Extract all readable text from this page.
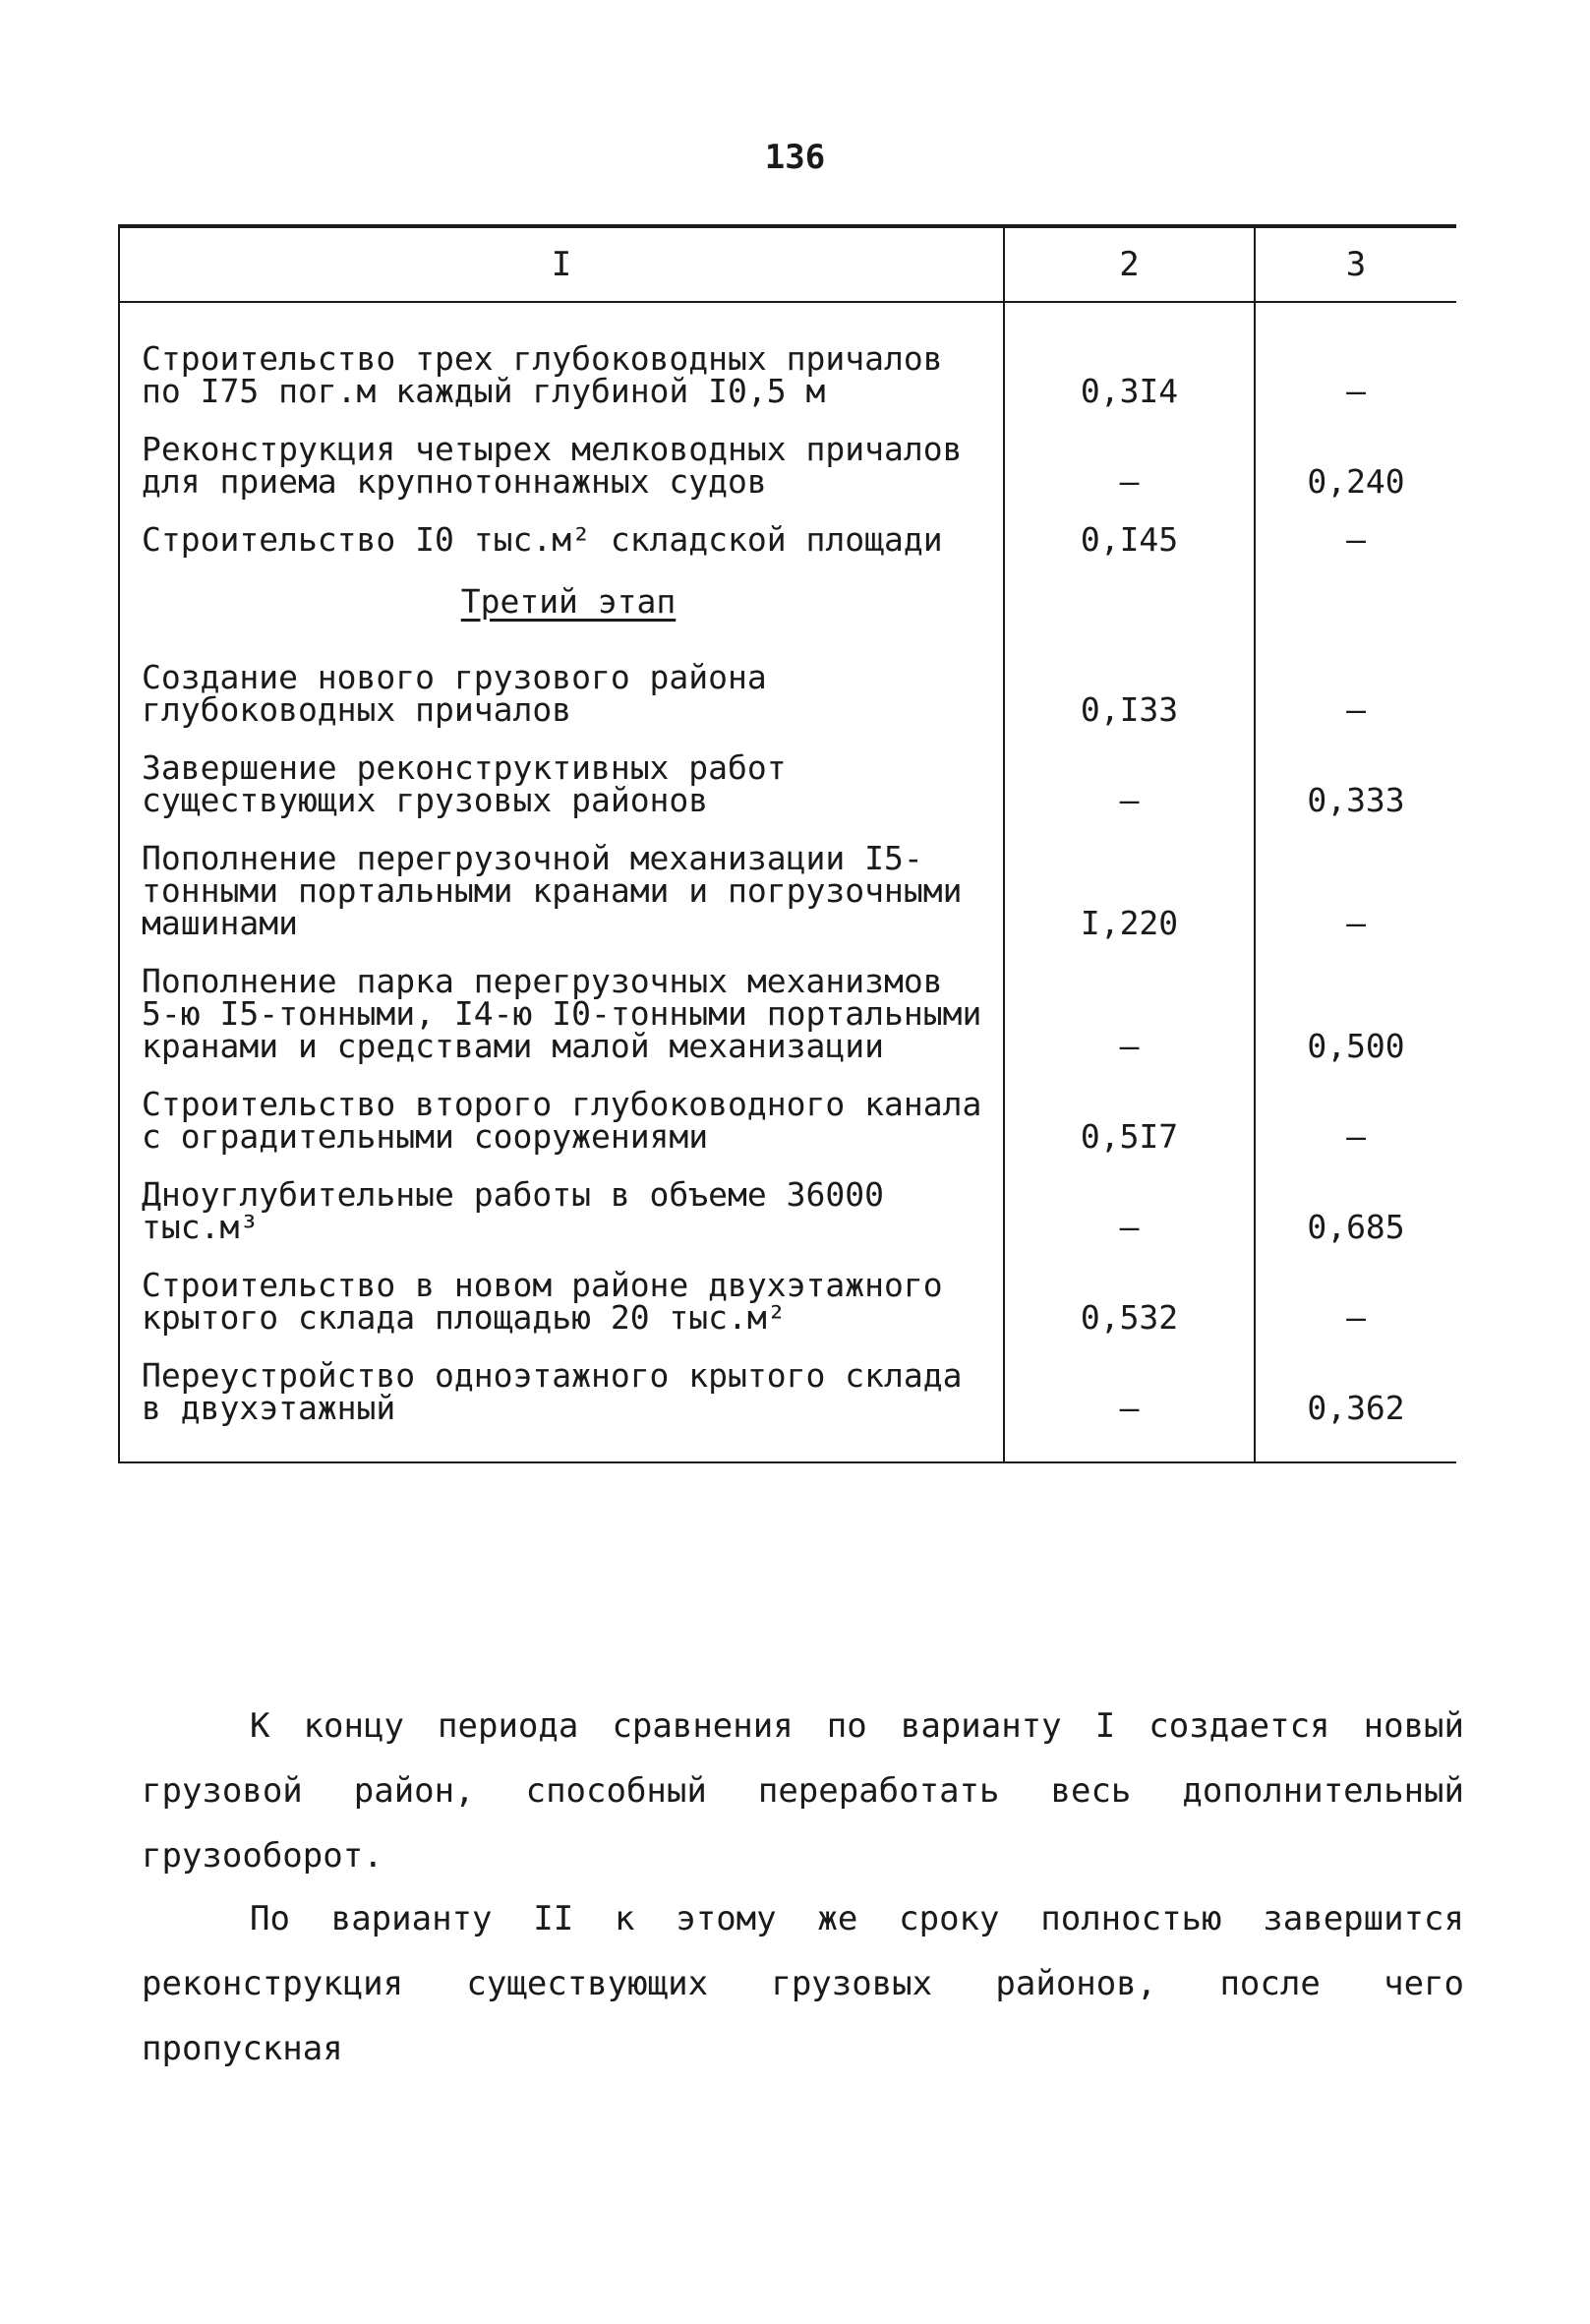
136
I	2	3

Строительство трех глубоководных причалов по I75 пог.м каждый глубиной I0,5 м	0,3I4	–

Реконструкция четырех мелководных причалов для приема крупнотоннажных судов	–	0,240

Строительство I0 тыс.м² складской площади	0,I45	–
Третий этап		

Создание нового грузового района глубоководных причалов	0,I33	–

Завершение реконструктивных работ существующих грузовых районов	–	0,333

Пополнение перегрузочной механизации I5-тонными портальными кранами и погрузочными машинами	I,220	–

Пополнение парка перегрузочных механизмов 5-ю I5-тонными, I4-ю I0-тонными портальными кранами и средствами малой механизации	–	0,500

Строительство второго глубоководного канала с оградительными сооружениями	0,5I7	–

Дноуглубительные работы в объеме 36000 тыс.м³	–	0,685

Строительство в новом районе двухэтажного крытого склада площадью 20 тыс.м²	0,532	–

Переустройство одноэтажного крытого склада в двухэтажный	–	0,362

К концу периода сравнения по варианту I создается новый грузовой район, способный переработать весь дополнительный грузооборот.

По варианту II к этому же сроку полностью завершится реконструкция существующих грузовых районов, после чего пропускная
